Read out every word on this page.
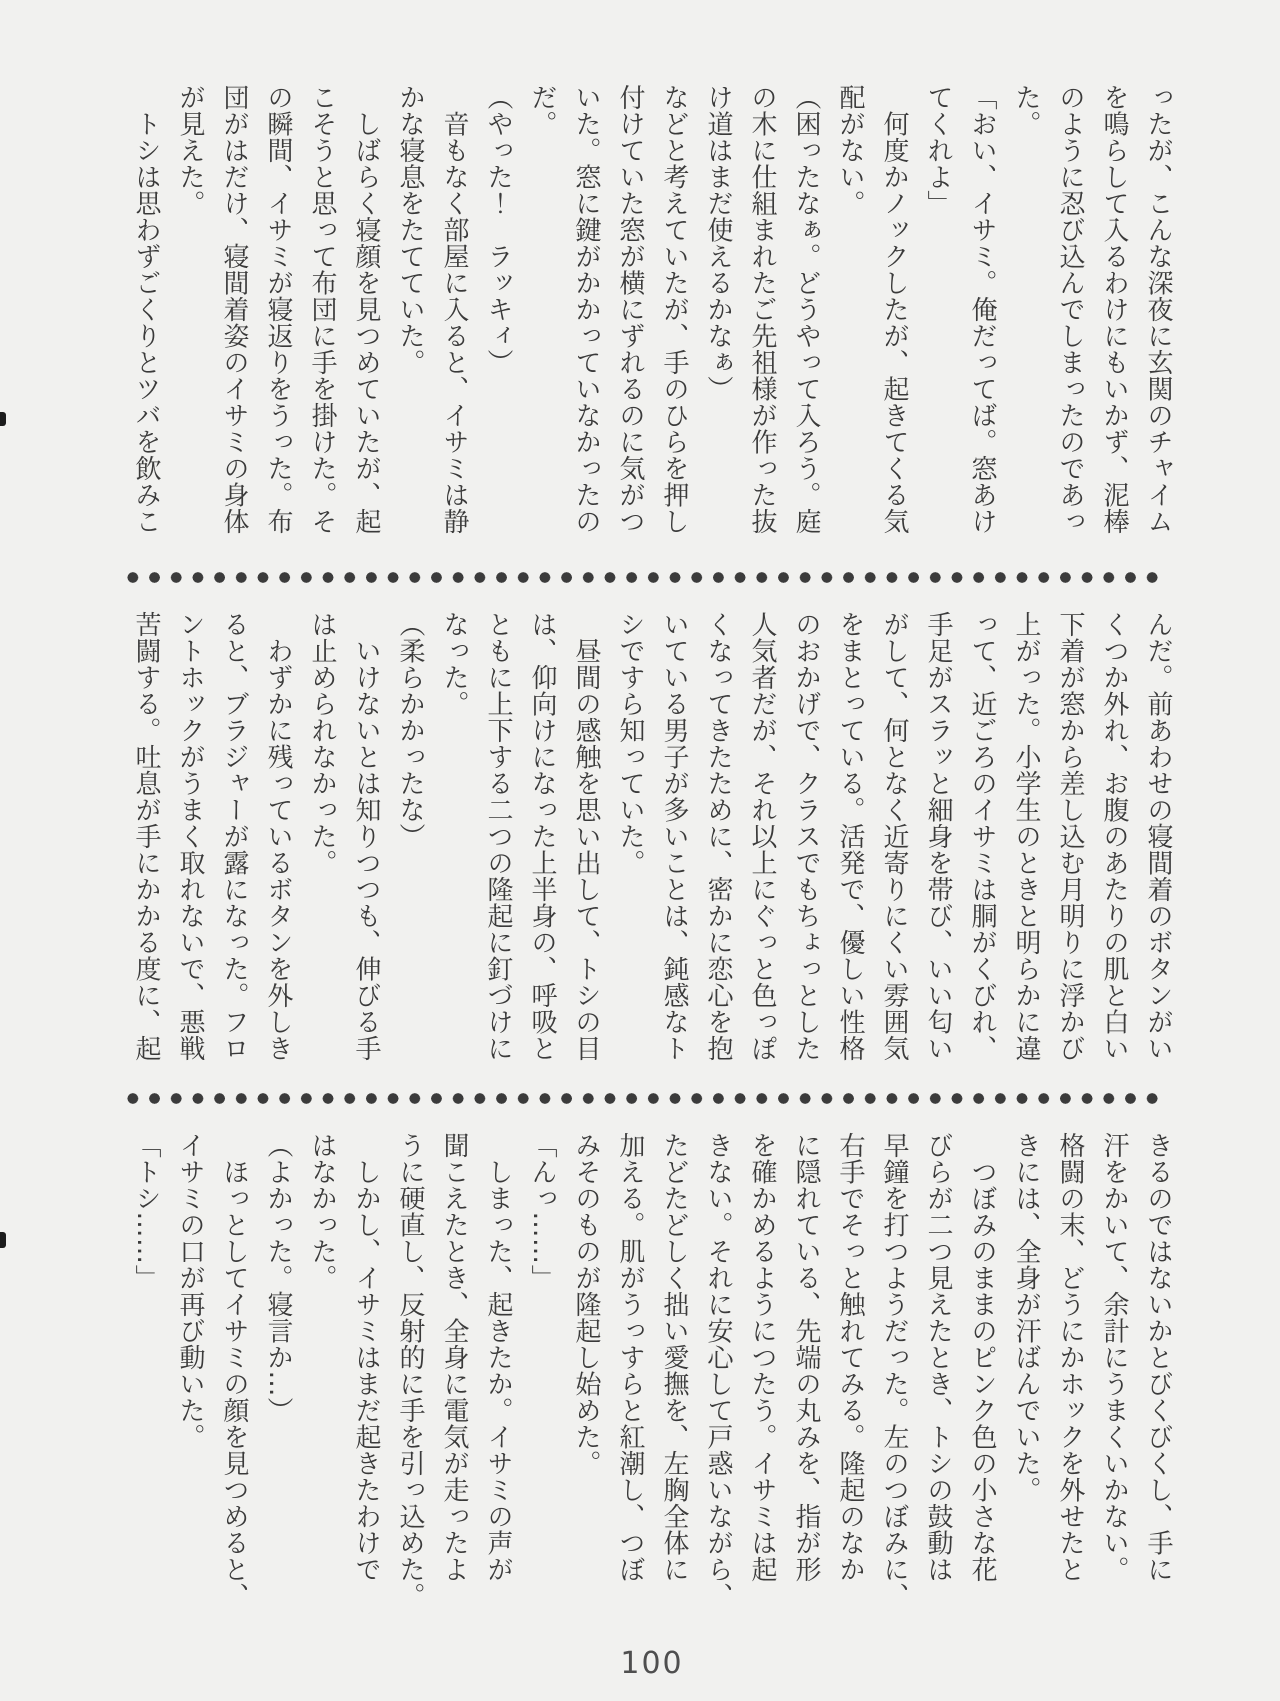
ったが、こんな深夜に玄関のチャイム

を鳴らして入るわけにもいかず、泥棒

のように忍び込んでしまったのであっ

た。

「おい、イサミ。俺だってば。窓あけ

てくれよ」

　何度かノックしたが、起きてくる気

配がない。

（困ったなぁ。どうやって入ろう。庭

の木に仕組まれたご先祖様が作った抜

け道はまだ使えるかなぁ）

などと考えていたが、手のひらを押し

付けていた窓が横にずれるのに気がつ

いた。窓に鍵がかかっていなかったの

だ。

（やった！　ラッキィ）

　音もなく部屋に入ると、イサミは静

かな寝息をたてていた。

　しばらく寝顔を見つめていたが、起

こそうと思って布団に手を掛けた。そ

の瞬間、イサミが寝返りをうった。布

団がはだけ、寝間着姿のイサミの身体

が見えた。

　トシは思わずごくりとツバを飲みこ

んだ。前あわせの寝間着のボタンがい

くつか外れ、お腹のあたりの肌と白い

下着が窓から差し込む月明りに浮かび

上がった。小学生のときと明らかに違

って、近ごろのイサミは胴がくびれ、

手足がスラッと細身を帯び、いい匂い

がして、何となく近寄りにくい雰囲気

をまとっている。活発で、優しい性格

のおかげで、クラスでもちょっとした

人気者だが、それ以上にぐっと色っぽ

くなってきたために、密かに恋心を抱

いている男子が多いことは、鈍感なト

シですら知っていた。

　昼間の感触を思い出して、トシの目

は、仰向けになった上半身の、呼吸と

ともに上下する二つの隆起に釘づけに

なった。

（柔らかかったな）

　いけないとは知りつつも、伸びる手

は止められなかった。

　わずかに残っているボタンを外しき

ると、ブラジャーが露になった。フロ

ントホックがうまく取れないで、悪戦

苦闘する。吐息が手にかかる度に、起

きるのではないかとびくびくし、手に

汗をかいて、余計にうまくいかない。

格闘の末、どうにかホックを外せたと

きには、全身が汗ばんでいた。

　つぼみのままのピンク色の小さな花

びらが二つ見えたとき、トシの鼓動は

早鐘を打つようだった。左のつぼみに、

右手でそっと触れてみる。隆起のなか

に隠れている、先端の丸みを、指が形

を確かめるようにつたう。イサミは起

きない。それに安心して戸惑いながら、

たどたどしく拙い愛撫を、左胸全体に

加える。肌がうっすらと紅潮し、つぼ

みそのものが隆起し始めた。

「んっ……」

　しまった、起きたか。イサミの声が

聞こえたとき、全身に電気が走ったよ

うに硬直し、反射的に手を引っ込めた。

　しかし、イサミはまだ起きたわけで

はなかった。

（よかった。寝言か…）

　ほっとしてイサミの顔を見つめると、

イサミの口が再び動いた。

「トシ……」

100
